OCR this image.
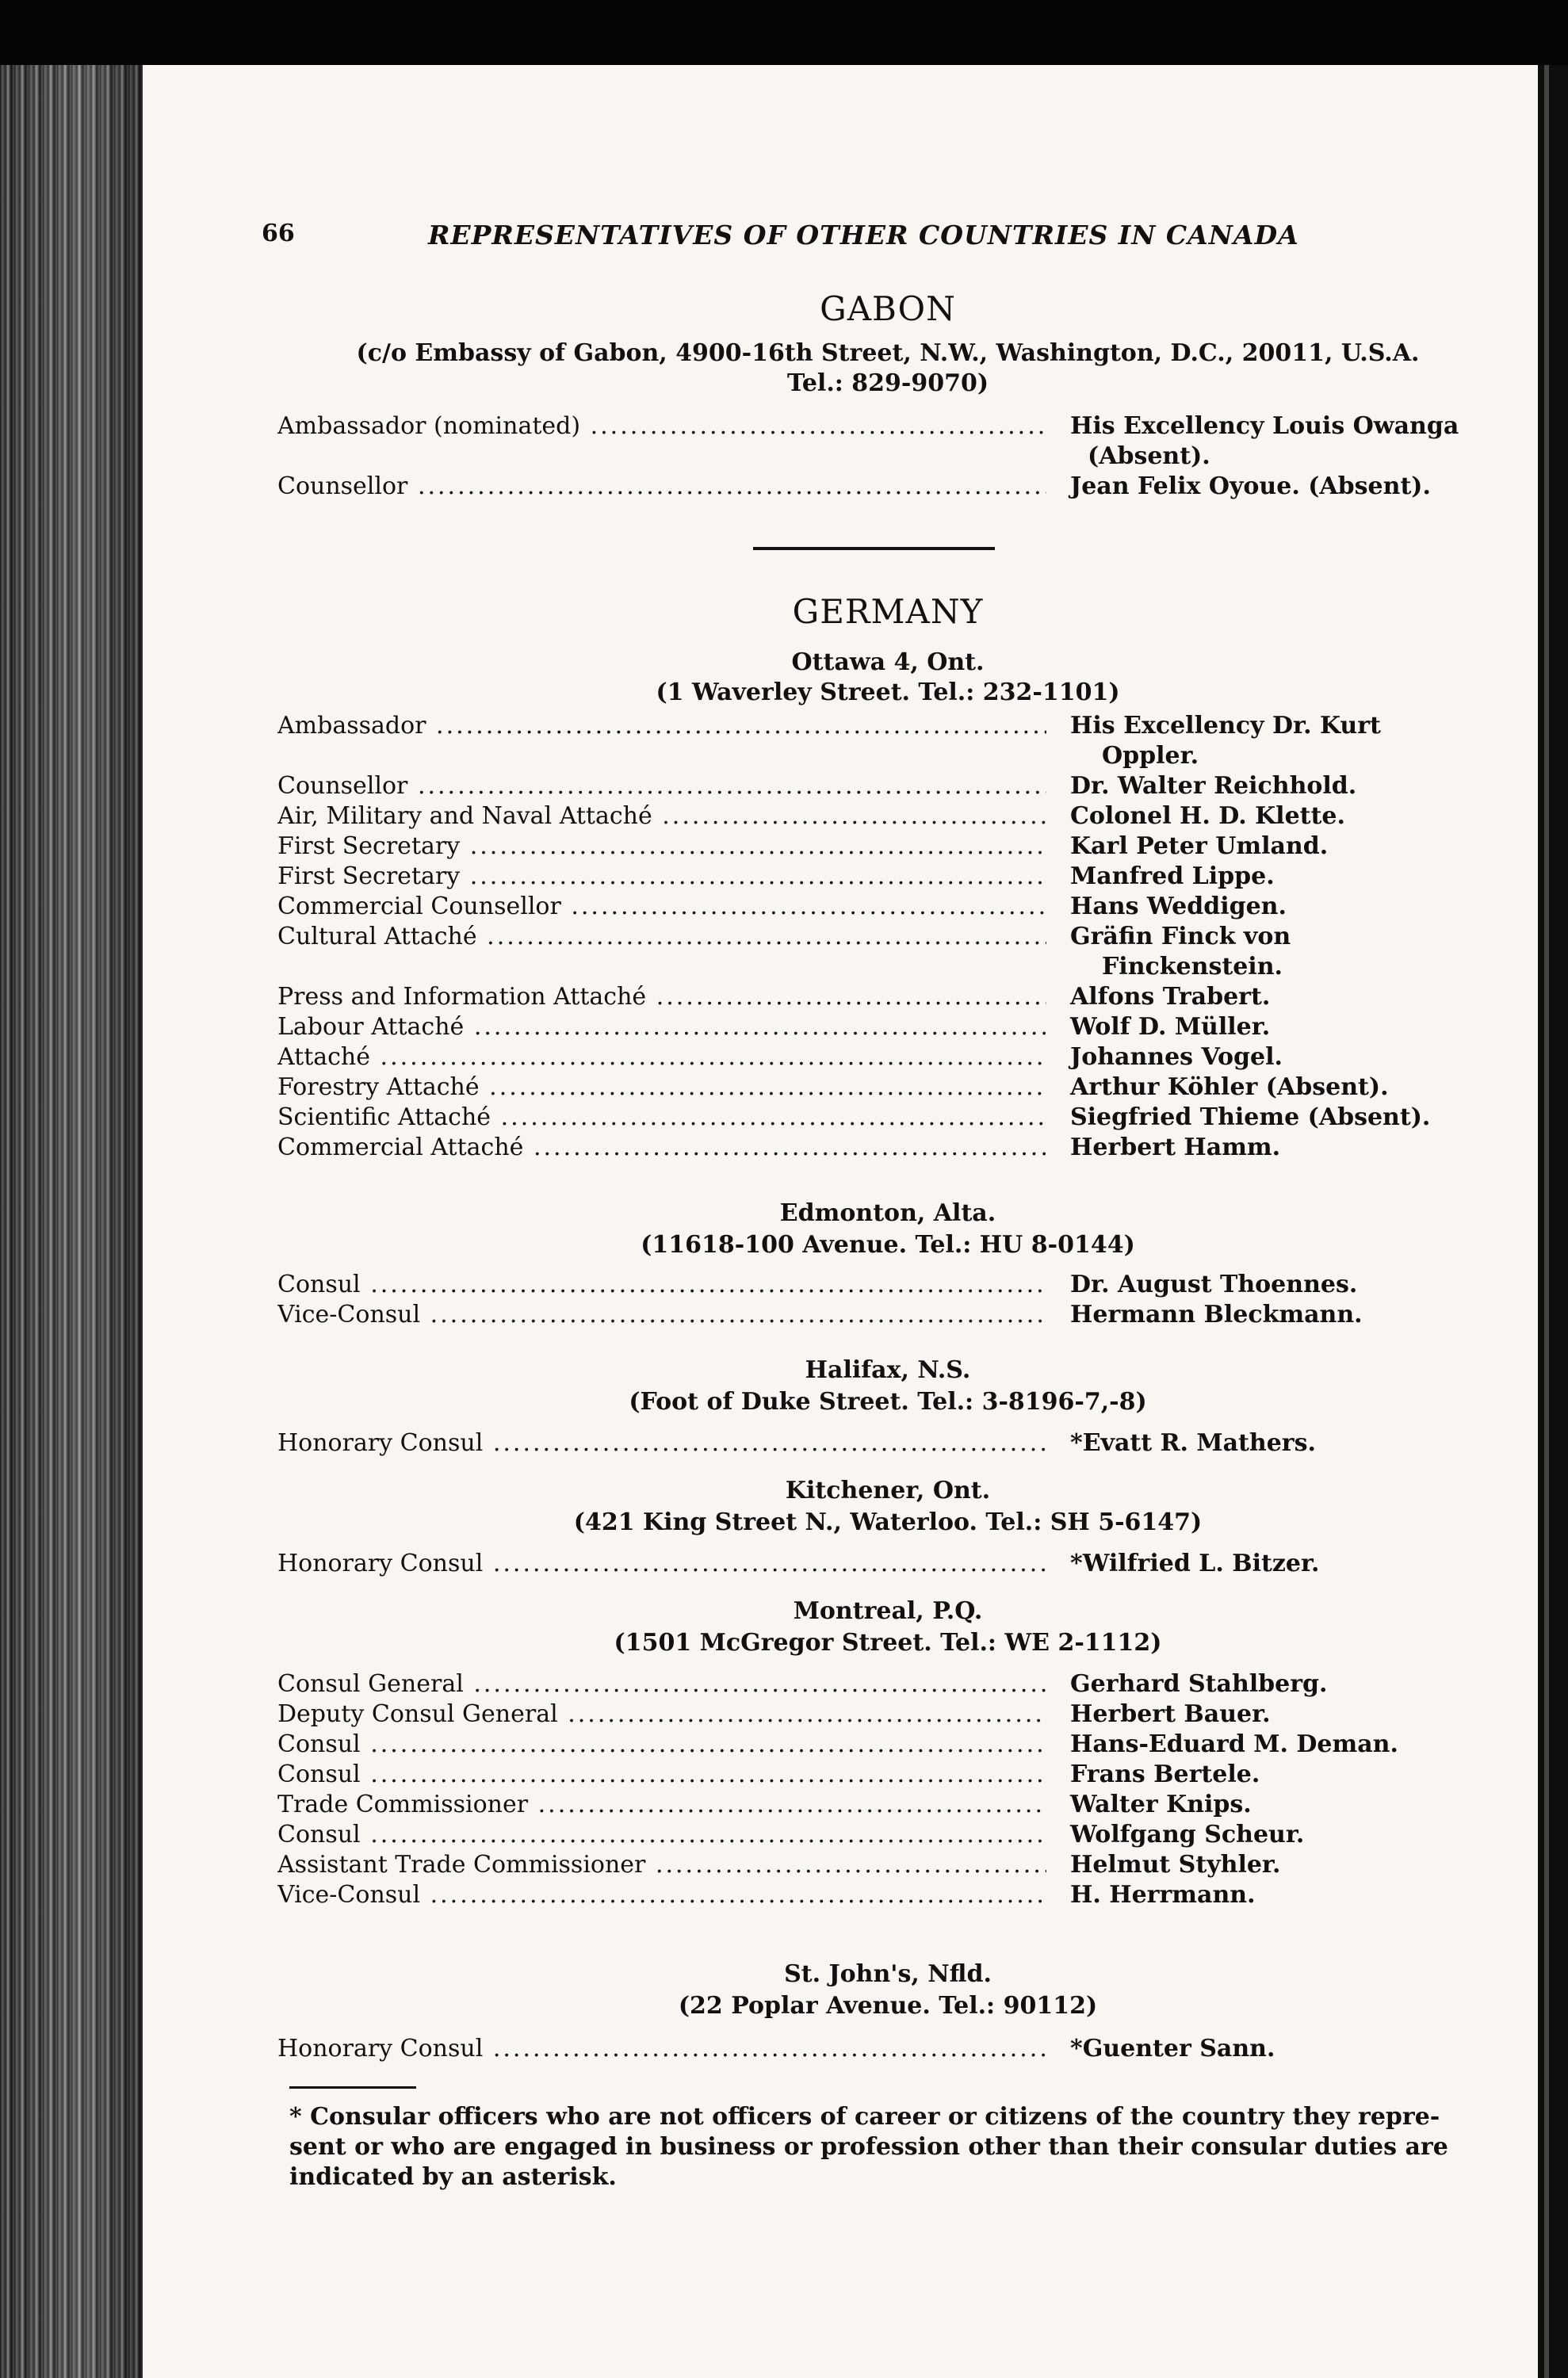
66	REPRESENTATIVES OF OTHER COUNTRIES IN CANADA
GABON
(c/o Embassy of Gabon, 4900-16th Street, N.W., Washington, D.C., 20011, U.S.A.
Tel.: 829-9070)
Ambassador (nominated) .....	His Excellency Louis Owanga
(Absent).
Counsellor .....	Jean Felix Oyoue. (Absent).
GERMANY
Ottawa 4, Ont.
(1 Waverley Street. Tel.: 232-1101)
Ambassador .....	His Excellency Dr. Kurt
Oppler.
Counsellor .....	Dr. Walter Reichhold.
Air, Military and Naval Attaché .....	Colonel H. D. Klette.
First Secretary .....	Karl Peter Umland.
First Secretary .....	Manfred Lippe.
Commercial Counsellor .....	Hans Weddigen.
Cultural Attaché .....	Gräfin Finck von
Finckenstein.
Press and Information Attaché .....	Alfons Trabert.
Labour Attaché .....	Wolf D. Müller.
Attaché .....	Johannes Vogel.
Forestry Attaché .....	Arthur Köhler (Absent).
Scientific Attaché .....	Siegfried Thieme (Absent).
Commercial Attaché .....	Herbert Hamm.
Edmonton, Alta.
(11618-100 Avenue. Tel.: HU 8-0144)
Consul .....	Dr. August Thoennes.
Vice-Consul .....	Hermann Bleckmann.
Halifax, N.S.
(Foot of Duke Street. Tel.: 3-8196-7,-8)
Honorary Consul .....	*Evatt R. Mathers.
Kitchener, Ont.
(421 King Street N., Waterloo. Tel.: SH 5-6147)
Honorary Consul .....	*Wilfried L. Bitzer.
Montreal, P.Q.
(1501 McGregor Street. Tel.: WE 2-1112)
Consul General .....	Gerhard Stahlberg.
Deputy Consul General .....	Herbert Bauer.
Consul .....	Hans-Eduard M. Deman.
Consul .....	Frans Bertele.
Trade Commissioner .....	Walter Knips.
Consul .....	Wolfgang Scheur.
Assistant Trade Commissioner .....	Helmut Styhler.
Vice-Consul .....	H. Herrmann.
St. John's, Nfld.
(22 Poplar Avenue. Tel.: 90112)
Honorary Consul .....	*Guenter Sann.
* Consular officers who are not officers of career or citizens of the country they repre-
sent or who are engaged in business or profession other than their consular duties are
indicated by an asterisk.
